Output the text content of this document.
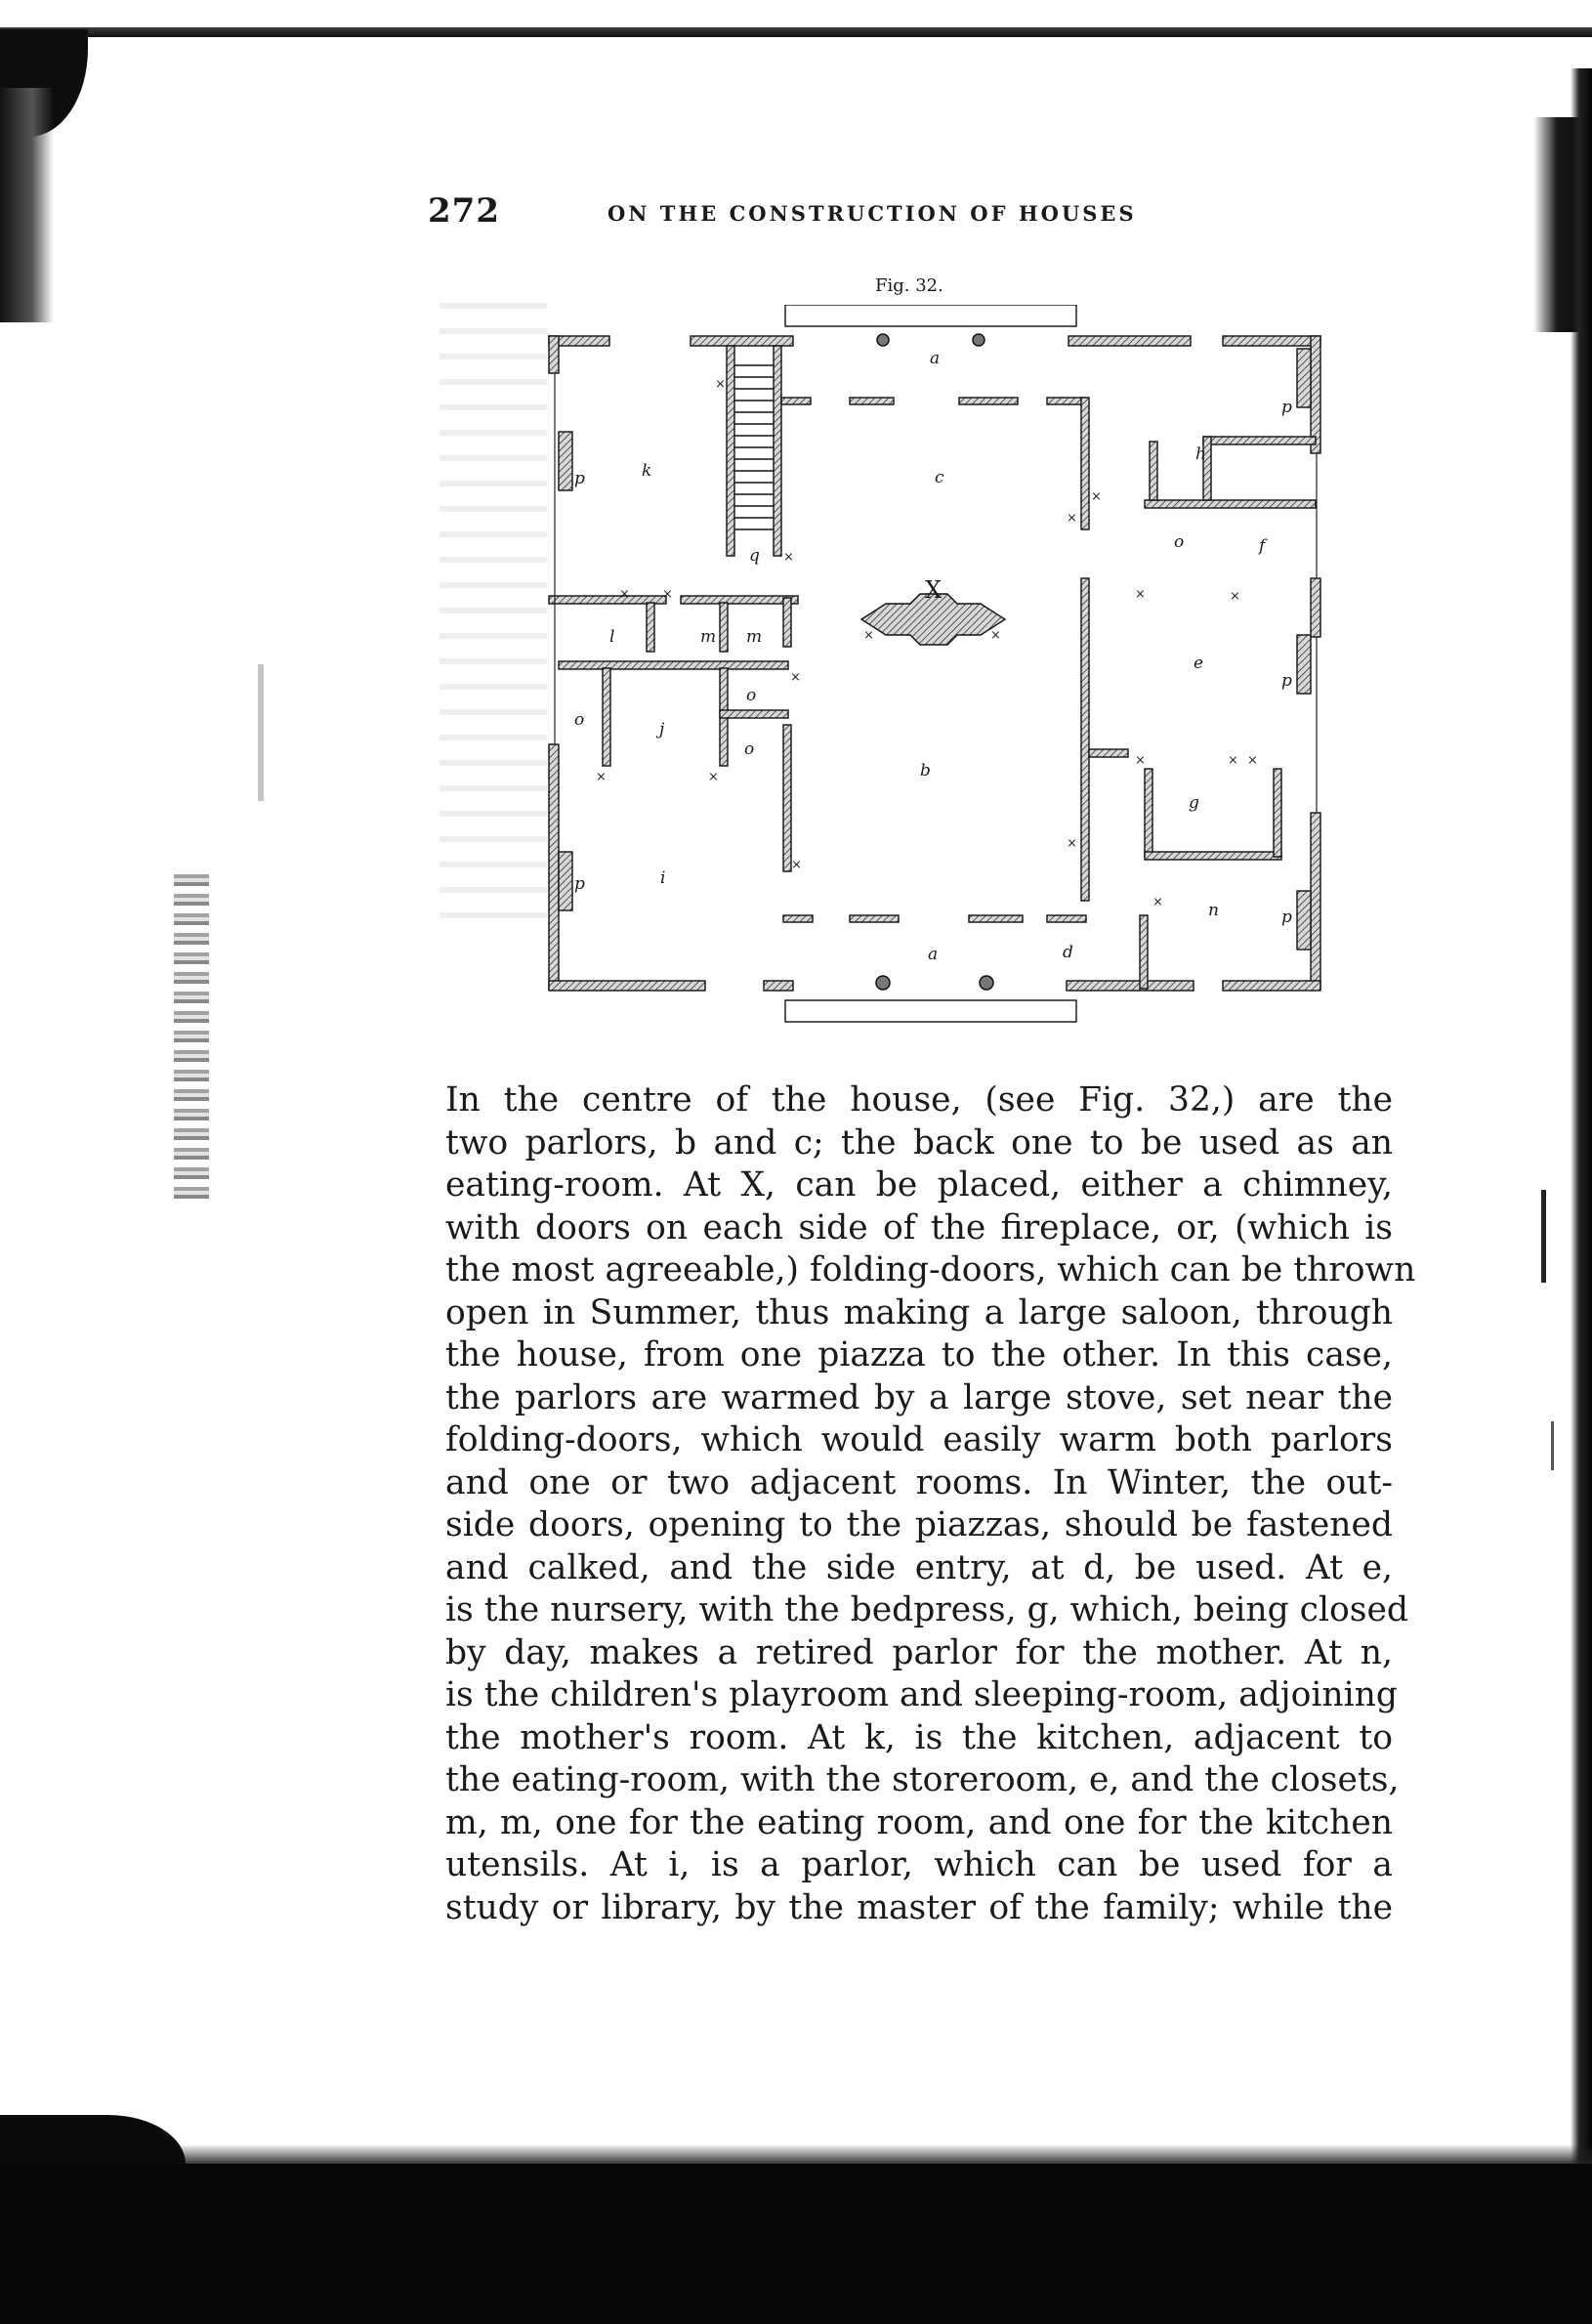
272	ON THE CONSTRUCTION OF HOUSES
Fig. 32.
a
c
k
h
f
o
q
X
l	m m
e
o
o	j
o
b
g
i
n
a	d
p
p
p
p
p
×
×
×
×
×	×
×	×
×	×
×
×	×
×	× ×
×
×
×
In the centre of the house, (see Fig. 32,) are the
two parlors, b and c; the back one to be used as an
eating-room. At X, can be placed, either a chimney,
with doors on each side of the fireplace, or, (which is
the most agreeable,) folding-doors, which can be thrown
open in Summer, thus making a large saloon, through
the house, from one piazza to the other. In this case,
the parlors are warmed by a large stove, set near the
folding-doors, which would easily warm both parlors
and one or two adjacent rooms. In Winter, the out-
side doors, opening to the piazzas, should be fastened
and calked, and the side entry, at d, be used. At e,
is the nursery, with the bedpress, g, which, being closed
by day, makes a retired parlor for the mother. At n,
is the children's playroom and sleeping-room, adjoining
the mother's room. At k, is the kitchen, adjacent to
the eating-room, with the storeroom, e, and the closets,
m, m, one for the eating room, and one for the kitchen
utensils. At i, is a parlor, which can be used for a
study or library, by the master of the family; while the
